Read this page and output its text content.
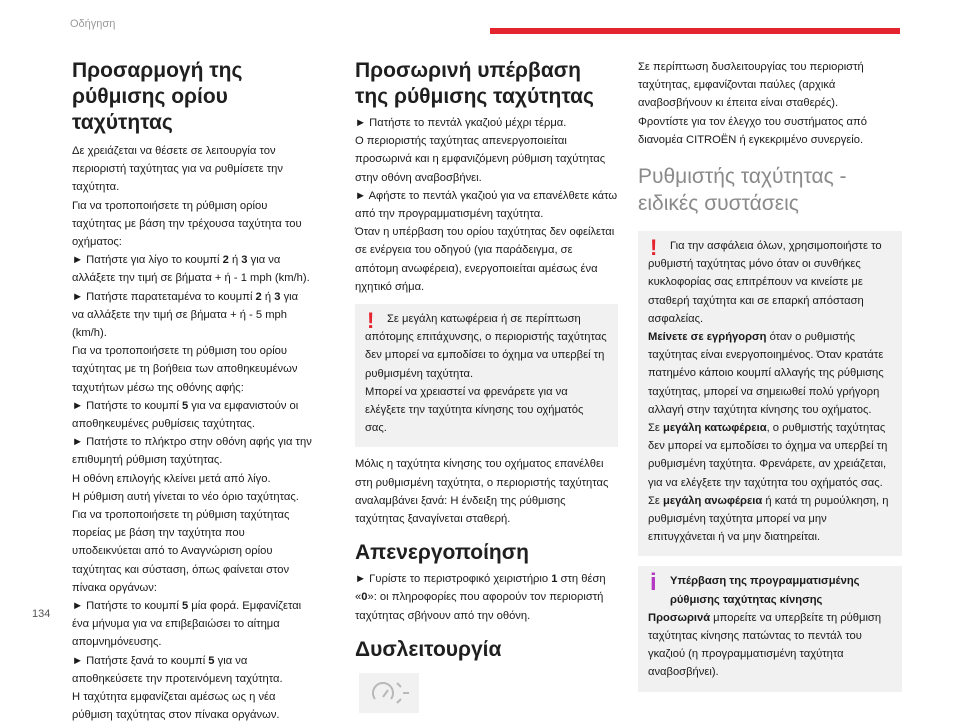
Οδήγηση
Προσαρμογή της ρύθμισης ορίου ταχύτητας

Δε χρειάζεται να θέσετε σε λειτουργία τον περιοριστή ταχύτητας για να ρυθμίσετε την ταχύτητα.

Για να τροποποιήσετε τη ρύθμιση ορίου ταχύτητας με βάση την τρέχουσα ταχύτητα του οχήματος:

► Πατήστε για λίγο το κουμπί 2 ή 3 για να αλλάξετε την τιμή σε βήματα + ή - 1 mph (km/h).

► Πατήστε παρατεταμένα το κουμπί 2 ή 3 για να αλλάξετε την τιμή σε βήματα + ή - 5 mph (km/h).

Για να τροποποιήσετε τη ρύθμιση του ορίου ταχύτητας με τη βοήθεια των αποθηκευμένων ταχυτήτων μέσω της οθόνης αφής:

► Πατήστε το κουμπί 5 για να εμφανιστούν οι αποθηκευμένες ρυθμίσεις ταχύτητας.

► Πατήστε το πλήκτρο στην οθόνη αφής για την επιθυμητή ρύθμιση ταχύτητας.

Η οθόνη επιλογής κλείνει μετά από λίγο.

Η ρύθμιση αυτή γίνεται το νέο όριο ταχύτητας.

Για να τροποποιήσετε τη ρύθμιση ταχύτητας πορείας με βάση την ταχύτητα που υποδεικνύεται από το Αναγνώριση ορίου ταχύτητας και σύσταση, όπως φαίνεται στον πίνακα οργάνων:

► Πατήστε το κουμπί 5 μία φορά. Εμφανίζεται ένα μήνυμα για να επιβεβαιώσει το αίτημα απομνημόνευσης.

► Πατήστε ξανά το κουμπί 5 για να αποθηκεύσετε την προτεινόμενη ταχύτητα.

Η ταχύτητα εμφανίζεται αμέσως ως η νέα ρύθμιση ταχύτητας στον πίνακα οργάνων.

Προσωρινή υπέρβαση της ρύθμισης ταχύτητας

► Πατήστε το πεντάλ γκαζιού μέχρι τέρμα.

Ο περιοριστής ταχύτητας απενεργοποιείται προσωρινά και η εμφανιζόμενη ρύθμιση ταχύτητας στην οθόνη αναβοσβήνει.

► Αφήστε το πεντάλ γκαζιού για να επανέλθετε κάτω από την προγραμματισμένη ταχύτητα.

Όταν η υπέρβαση του ορίου ταχύτητας δεν οφείλεται σε ενέργεια του οδηγού (για παράδειγμα, σε απότομη ανωφέρεια), ενεργοποιείται αμέσως ένα ηχητικό σήμα.

!	Σε μεγάλη κατωφέρεια ή σε περίπτωση απότομης επιτάχυνσης, ο περιοριστής ταχύτητας δεν μπορεί να εμποδίσει το όχημα να υπερβεί τη ρυθμισμένη ταχύτητα.

Μπορεί να χρειαστεί να φρενάρετε για να ελέγξετε την ταχύτητα κίνησης του οχήματός σας.

Μόλις η ταχύτητα κίνησης του οχήματος επανέλθει στη ρυθμισμένη ταχύτητα, ο περιοριστής ταχύτητας αναλαμβάνει ξανά: Η ένδειξη της ρύθμισης ταχύτητας ξαναγίνεται σταθερή.

Απενεργοποίηση

► Γυρίστε το περιστροφικό χειριστήριο 1 στη θέση «0»: οι πληροφορίες που αφορούν τον περιοριστή ταχύτητας σβήνουν από την οθόνη.

Δυσλειτουργία

Σε περίπτωση δυσλειτουργίας του περιοριστή ταχύτητας, εμφανίζονται παύλες (αρχικά αναβοσβήνουν κι έπειτα είναι σταθερές).

Φροντίστε για τον έλεγχο του συστήματος από διανομέα CITROËN ή εγκεκριμένο συνεργείο.

Ρυθμιστής ταχύτητας - ειδικές συστάσεις
!	Για την ασφάλεια όλων, χρησιμοποιήστε το ρυθμιστή ταχύτητας μόνο όταν οι συνθήκες κυκλοφορίας σας επιτρέπουν να κινείστε με σταθερή ταχύτητα και σε επαρκή απόσταση ασφαλείας.

Μείνετε σε εγρήγορση όταν ο ρυθμιστής ταχύτητας είναι ενεργοποιημένος. Όταν κρατάτε πατημένο κάποιο κουμπί αλλαγής της ρύθμισης ταχύτητας, μπορεί να σημειωθεί πολύ γρήγορη αλλαγή στην ταχύτητα κίνησης του οχήματος.

Σε μεγάλη κατωφέρεια, ο ρυθμιστής ταχύτητας δεν μπορεί να εμποδίσει το όχημα να υπερβεί τη ρυθμισμένη ταχύτητα. Φρενάρετε, αν χρειάζεται, για να ελέγξετε την ταχύτητα του οχήματός σας.

Σε μεγάλη ανωφέρεια ή κατά τη ρυμούλκηση, η ρυθμισμένη ταχύτητα μπορεί να μην επιτυγχάνεται ή να μην διατηρείται.

i	Υπέρβαση της προγραμματισμένης ρύθμισης ταχύτητας κίνησης

Προσωρινά μπορείτε να υπερβείτε τη ρύθμιση ταχύτητας κίνησης πατώντας το πεντάλ του γκαζιού (η προγραμματισμένη ταχύτητα αναβοσβήνει).

134
